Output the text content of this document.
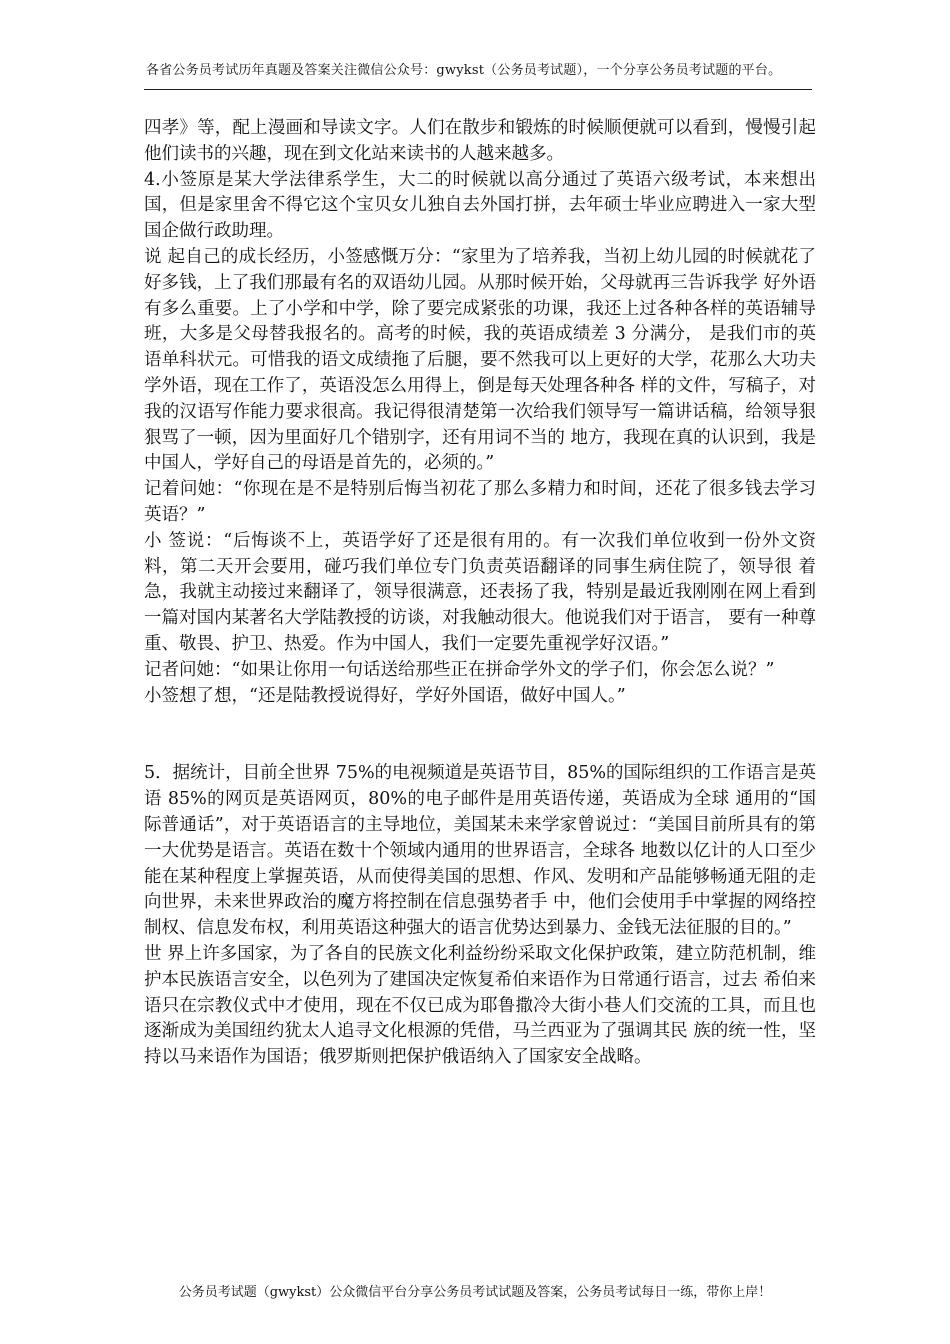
各省公务员考试历年真题及答案关注微信公众号：gwykst（公务员考试题），一个分享公务员考试题的平台。

四孝》等，配上漫画和导读文字。人们在散步和锻炼的时候顺便就可以看到，慢慢引起他们读书的兴趣，现在到文化站来读书的人越来越多。

4.小签原是某大学法律系学生，大二的时候就以高分通过了英语六级考试，本来想出国，但是家里舍不得它这个宝贝女儿独自去外国打拼，去年硕士毕业应聘进入一家大型国企做行政助理。

说 起自己的成长经历，小签感慨万分：“家里为了培养我，当初上幼儿园的时候就花了好多钱，上了我们那最有名的双语幼儿园。从那时候开始，父母就再三告诉我学 好外语有多么重要。上了小学和中学，除了要完成紧张的功课，我还上过各种各样的英语辅导班，大多是父母替我报名的。高考的时候，我的英语成绩差 3 分满分， 是我们市的英语单科状元。可惜我的语文成绩拖了后腿，要不然我可以上更好的大学，花那么大功夫学外语，现在工作了，英语没怎么用得上，倒是每天处理各种各 样的文件，写稿子，对我的汉语写作能力要求很高。我记得很清楚第一次给我们领导写一篇讲话稿，给领导狠狠骂了一顿，因为里面好几个错别字，还有用词不当的 地方，我现在真的认识到，我是中国人，学好自己的母语是首先的，必须的。”

记着问她：“你现在是不是特别后悔当初花了那么多精力和时间，还花了很多钱去学习英语？”

小 签说：“后悔谈不上，英语学好了还是很有用的。有一次我们单位收到一份外文资料，第二天开会要用，碰巧我们单位专门负责英语翻译的同事生病住院了，领导很 着急，我就主动接过来翻译了，领导很满意，还表扬了我，特别是最近我刚刚在网上看到一篇对国内某著名大学陆教授的访谈，对我触动很大。他说我们对于语言， 要有一种尊重、敬畏、护卫、热爱。作为中国人，我们一定要先重视学好汉语。”

记者问她：“如果让你用一句话送给那些正在拼命学外文的学子们，你会怎么说？”

小签想了想，“还是陆教授说得好，学好外国语，做好中国人。”

5．据统计，目前全世界 75%的电视频道是英语节目，85%的国际组织的工作语言是英语 85%的网页是英语网页，80%的电子邮件是用英语传递，英语成为全球 通用的“国际普通话”，对于英语语言的主导地位，美国某未来学家曾说过：“美国目前所具有的第一大优势是语言。英语在数十个领域内通用的世界语言，全球各 地数以亿计的人口至少能在某种程度上掌握英语，从而使得美国的思想、作风、发明和产品能够畅通无阻的走向世界，未来世界政治的魔方将控制在信息强势者手 中，他们会使用手中掌握的网络控制权、信息发布权，利用英语这种强大的语言优势达到暴力、金钱无法征服的目的。”

世 界上许多国家，为了各自的民族文化利益纷纷采取文化保护政策，建立防范机制，维护本民族语言安全，以色列为了建国决定恢复希伯来语作为日常通行语言，过去 希伯来语只在宗教仪式中才使用，现在不仅已成为耶鲁撒冷大街小巷人们交流的工具，而且也逐渐成为美国纽约犹太人追寻文化根源的凭借，马兰西亚为了强调其民 族的统一性，坚持以马来语作为国语；俄罗斯则把保护俄语纳入了国家安全战略。

公务员考试题（gwykst）公众微信平台分享公务员考试试题及答案，公务员考试每日一练，带你上岸！
